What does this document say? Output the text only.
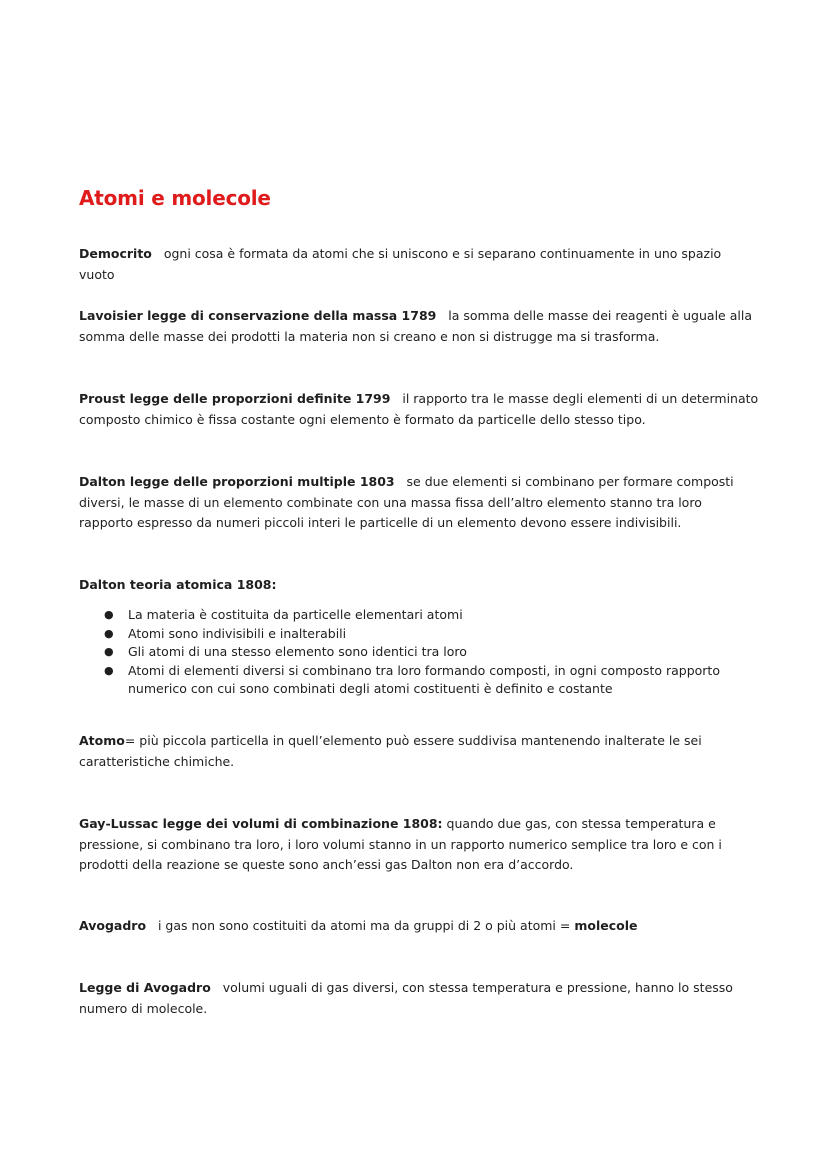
Atomi e molecole

Democrito ogni cosa è formata da atomi che si uniscono e si separano continuamente in uno spazio vuoto

Lavoisier legge di conservazione della massa 1789 la somma delle masse dei reagenti è uguale alla somma delle masse dei prodotti la materia non si creano e non si distrugge ma si trasforma.

Proust legge delle proporzioni definite 1799 il rapporto tra le masse degli elementi di un determinato composto chimico è fissa costante ogni elemento è formato da particelle dello stesso tipo.

Dalton legge delle proporzioni multiple 1803 se due elementi si combinano per formare composti diversi, le masse di un elemento combinate con una massa fissa dell’altro elemento stanno tra loro rapporto espresso da numeri piccoli interi le particelle di un elemento devono essere indivisibili.

Dalton teoria atomica 1808:

● La materia è costituita da particelle elementari atomi
● Atomi sono indivisibili e inalterabili
● Gli atomi di una stesso elemento sono identici tra loro
● Atomi di elementi diversi si combinano tra loro formando composti, in ogni composto rapporto numerico con cui sono combinati degli atomi costituenti è definito e costante

Atomo= più piccola particella in quell’elemento può essere suddivisa mantenendo inalterate le sei caratteristiche chimiche.

Gay-Lussac legge dei volumi di combinazione 1808: quando due gas, con stessa temperatura e pressione, si combinano tra loro, i loro volumi stanno in un rapporto numerico semplice tra loro e con i prodotti della reazione se queste sono anch’essi gas Dalton non era d’accordo.

Avogadro i gas non sono costituiti da atomi ma da gruppi di 2 o più atomi = molecole

Legge di Avogadro volumi uguali di gas diversi, con stessa temperatura e pressione, hanno lo stesso numero di molecole.
